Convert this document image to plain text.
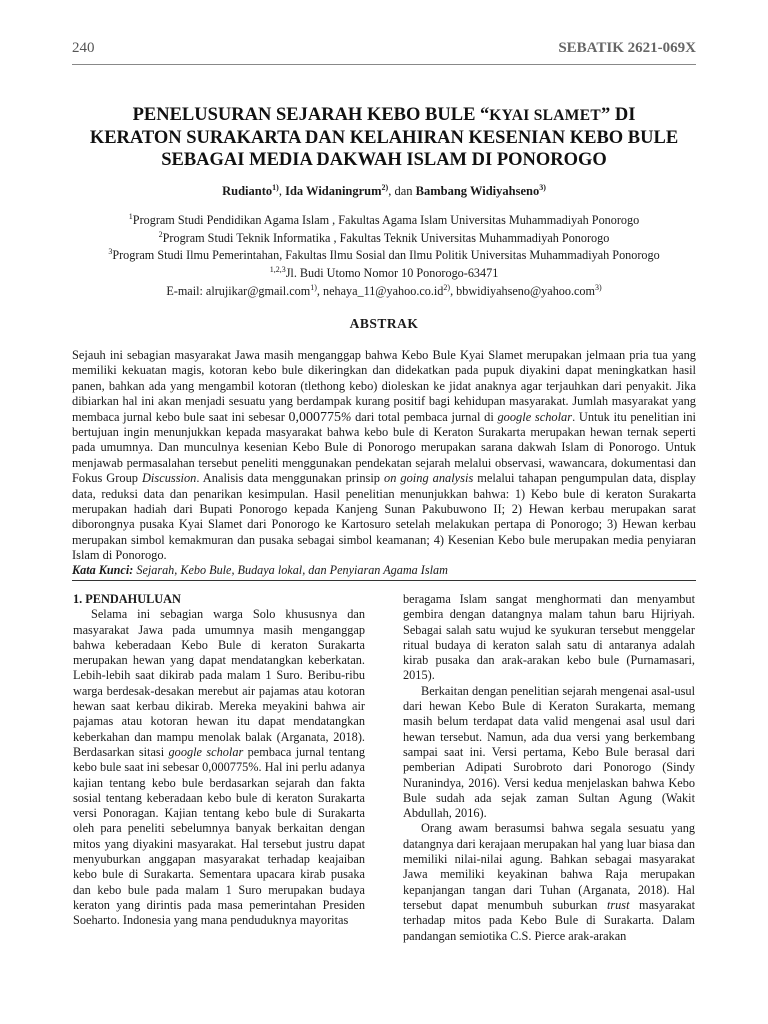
240	SEBATIK 2621-069X
PENELUSURAN SEJARAH KEBO BULE “KYAI SLAMET” DI
KERATON SURAKARTA DAN KELAHIRAN KESENIAN KEBO BULE
SEBAGAI MEDIA DAKWAH ISLAM DI PONOROGO
Rudianto$^{1)}$, Ida Widaningrum$^{2)}$, dan Bambang Widiyahseno$^{3)}$
$^1$Program Studi Pendidikan Agama Islam , Fakultas Agama Islam Universitas Muhammadiyah Ponorogo
$^2$Program Studi Teknik Informatika , Fakultas Teknik Universitas Muhammadiyah Ponorogo
$^3$Program Studi Ilmu Pemerintahan, Fakultas Ilmu Sosial dan Ilmu Politik Universitas Muhammadiyah Ponorogo
$^{1,2,3}$Jl. Budi Utomo Nomor 10 Ponorogo-63471
E-mail: alrujikar@gmail.com$^{1)}$, $nehaya\_11@yahoo.co.id^{2)}$, bbwidiyahseno@yahoo.com$^{3)}$
ABSTRAK
Sejauh ini sebagian masyarakat Jawa masih menganggap bahwa Kebo Bule Kyai Slamet merupakan jelmaan pria tua yang memiliki kekuatan magis, kotoran kebo bule dikeringkan dan didekatkan pada pupuk diyakini dapat meningkatkan hasil panen, bahkan ada yang mengambil kotoran (tlethong kebo) dioleskan ke jidat anaknya agar terjauhkan dari penyakit. Jika dibiarkan hal ini akan menjadi sesuatu yang berdampak kurang positif bagi kehidupan masyarakat. Jumlah masyarakat yang membaca jurnal kebo bule saat ini sebesar 0,000775% dari total pembaca jurnal di google scholar. Untuk itu penelitian ini bertujuan ingin menunjukkan kepada masyarakat bahwa kebo bule di Keraton Surakarta merupakan hewan ternak seperti pada umumnya. Dan munculnya kesenian Kebo Bule di Ponorogo merupakan sarana dakwah Islam di Ponorogo. Untuk menjawab permasalahan tersebut peneliti menggunakan pendekatan sejarah melalui observasi, wawancara, dokumentasi dan Fokus Group Discussion. Analisis data menggunakan prinsip on going analysis melalui tahapan pengumpulan data, display data, reduksi data dan penarikan kesimpulan. Hasil penelitian menunjukkan bahwa: 1) Kebo bule di keraton Surakarta merupakan hadiah dari Bupati Ponorogo kepada Kanjeng Sunan Pakubuwono II; 2) Hewan kerbau merupakan sarat diborongnya pusaka Kyai Slamet dari Ponorogo ke Kartosuro setelah melakukan pertapa di Ponorogo; 3) Hewan kerbau merupakan simbol kemakmuran dan pusaka sebagai simbol keamanan; 4) Kesenian Kebo bule merupakan media penyiaran Islam di Ponorogo.
Kata Kunci: Sejarah, Kebo Bule, Budaya lokal, dan Penyiaran Agama Islam

1. PENDAHULUAN

Selama ini sebagian warga Solo khususnya dan masyarakat Jawa pada umumnya masih menganggap bahwa keberadaan Kebo Bule di keraton Surakarta merupakan hewan yang dapat mendatangkan keberkatan. Lebih-lebih saat dikirab pada malam 1 Suro. Beribu-ribu warga berdesak-desakan merebut air pajamas atau kotoran hewan saat kerbau dikirab. Mereka meyakini bahwa air pajamas atau kotoran hewan itu dapat mendatangkan keberkahan dan mampu menolak balak (Arganata, 2018). Berdasarkan sitasi google scholar pembaca jurnal tentang kebo bule saat ini sebesar 0,000775%. Hal ini perlu adanya kajian tentang kebo bule berdasarkan sejarah dan fakta sosial tentang keberadaan kebo bule di keraton Surakarta versi Ponoragan. Kajian tentang kebo bule di Surakarta oleh para peneliti sebelumnya banyak berkaitan dengan mitos yang diyakini masyarakat. Hal tersebut justru dapat menyuburkan anggapan masyarakat terhadap keajaiban kebo bule di Surakarta. Sementara upacara kirab pusaka dan kebo bule pada malam 1 Suro merupakan budaya keraton yang dirintis pada masa pemerintahan Presiden Soeharto. Indonesia yang mana penduduknya mayoritas

beragama Islam sangat menghormati dan menyambut gembira dengan datangnya malam tahun baru Hijriyah. Sebagai salah satu wujud ke syukuran tersebut menggelar ritual budaya di keraton salah satu di antaranya adalah kirab pusaka dan arak-arakan kebo bule (Purnamasari, 2015).

Berkaitan dengan penelitian sejarah mengenai asal-usul dari hewan Kebo Bule di Keraton Surakarta, memang masih belum terdapat data valid mengenai asal usul dari hewan tersebut. Namun, ada dua versi yang berkembang sampai saat ini. Versi pertama, Kebo Bule berasal dari pemberian Adipati Surobroto dari Ponorogo (Sindy Nuranindya, 2016). Versi kedua menjelaskan bahwa Kebo Bule sudah ada sejak zaman Sultan Agung (Wakit Abdullah, 2016).

Orang awam berasumsi bahwa segala sesuatu yang datangnya dari kerajaan merupakan hal yang luar biasa dan memiliki nilai-nilai agung. Bahkan sebagai masyarakat Jawa memiliki keyakinan bahwa Raja merupakan kepanjangan tangan dari Tuhan (Arganata, 2018). Hal tersebut dapat menumbuh suburkan trust masyarakat terhadap mitos pada Kebo Bule di Surakarta. Dalam pandangan semiotika C.S. Pierce arak-arakan
